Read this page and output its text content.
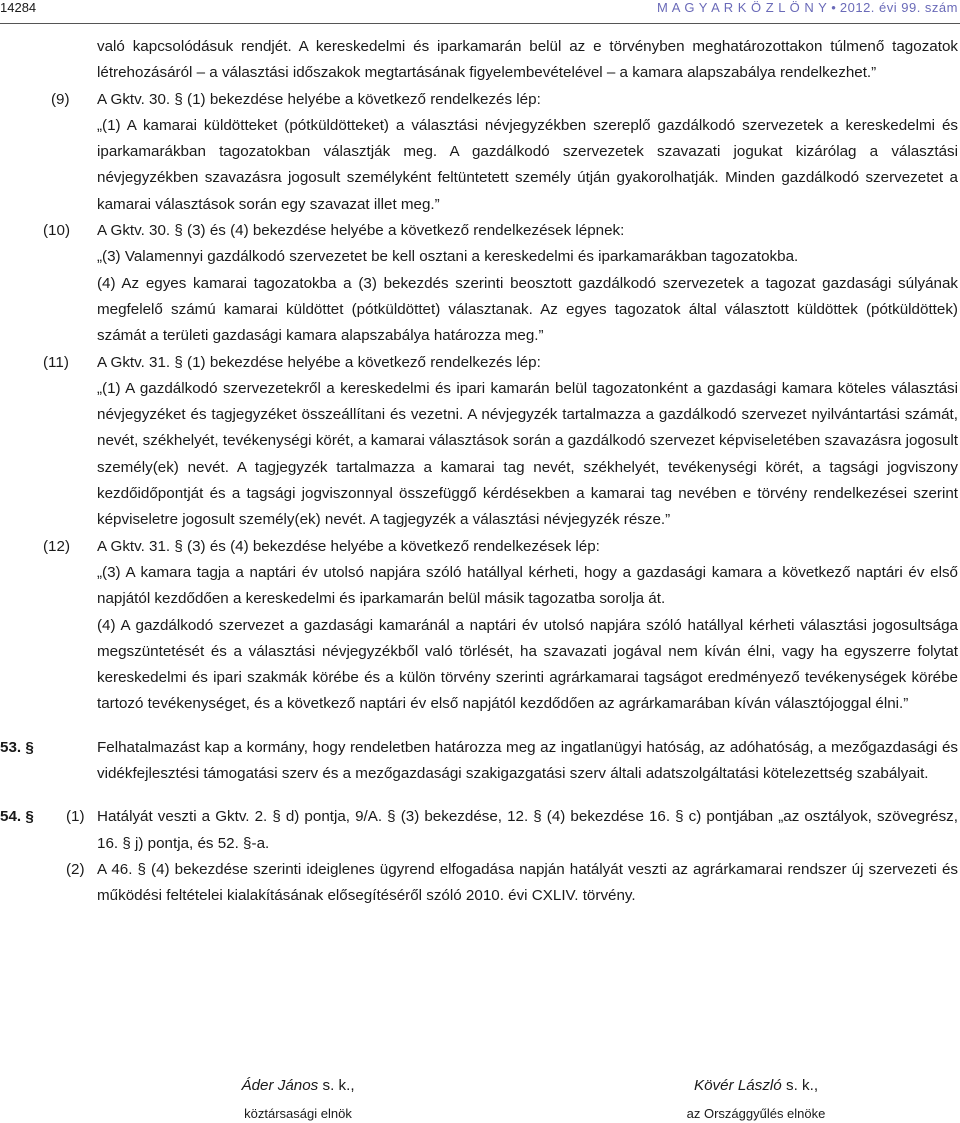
14284	M A G Y A R K Ö Z L Ö N Y • 2012. évi 99. szám

való kapcsolódásuk rendjét. A kereskedelmi és iparkamarán belül az e törvényben meghatározottakon túlmenő tagozatok létrehozásáról – a választási időszakok megtartásának figyelembevételével – a kamara alapszabálya rendelkezhet.”

(9) A Gktv. 30. § (1) bekezdése helyébe a következő rendelkezés lép:

„(1) A kamarai küldötteket (pótküldötteket) a választási névjegyzékben szereplő gazdálkodó szervezetek a kereskedelmi és iparkamarákban tagozatokban választják meg. A gazdálkodó szervezetek szavazati jogukat kizárólag a választási névjegyzékben szavazásra jogosult személyként feltüntetett személy útján gyakorolhatják. Minden gazdálkodó szervezetet a kamarai választások során egy szavazat illet meg.”

(10) A Gktv. 30. § (3) és (4) bekezdése helyébe a következő rendelkezések lépnek:

„(3) Valamennyi gazdálkodó szervezetet be kell osztani a kereskedelmi és iparkamarákban tagozatokba.

(4) Az egyes kamarai tagozatokba a (3) bekezdés szerinti beosztott gazdálkodó szervezetek a tagozat gazdasági súlyának megfelelő számú kamarai küldöttet (pótküldöttet) választanak. Az egyes tagozatok által választott küldöttek (pótküldöttek) számát a területi gazdasági kamara alapszabálya határozza meg.”

(11) A Gktv. 31. § (1) bekezdése helyébe a következő rendelkezés lép:

„(1) A gazdálkodó szervezetekről a kereskedelmi és ipari kamarán belül tagozatonként a gazdasági kamara köteles választási névjegyzéket és tagjegyzéket összeállítani és vezetni. A névjegyzék tartalmazza a gazdálkodó szervezet nyilvántartási számát, nevét, székhelyét, tevékenységi körét, a kamarai választások során a gazdálkodó szervezet képviseletében szavazásra jogosult személy(ek) nevét. A tagjegyzék tartalmazza a kamarai tag nevét, székhelyét, tevékenységi körét, a tagsági jogviszony kezdőidőpontját és a tagsági jogviszonnyal összefüggő kérdésekben a kamarai tag nevében e törvény rendelkezései szerint képviseletre jogosult személy(ek) nevét. A tagjegyzék a választási névjegyzék része.”

(12) A Gktv. 31. § (3) és (4) bekezdése helyébe a következő rendelkezések lép:

„(3) A kamara tagja a naptári év utolsó napjára szóló hatállyal kérheti, hogy a gazdasági kamara a következő naptári év első napjától kezdődően a kereskedelmi és iparkamarán belül másik tagozatba sorolja át.

(4) A gazdálkodó szervezet a gazdasági kamaránál a naptári év utolsó napjára szóló hatállyal kérheti választási jogosultsága megszüntetését és a választási névjegyzékből való törlését, ha szavazati jogával nem kíván élni, vagy ha egyszerre folytat kereskedelmi és ipari szakmák körébe és a külön törvény szerinti agrárkamarai tagságot eredményező tevékenységek körébe tartozó tevékenységet, és a következő naptári év első napjától kezdődően az agrárkamarában kíván választójoggal élni.”

53. §	Felhatalmazást kap a kormány, hogy rendeletben határozza meg az ingatlanügyi hatóság, az adóhatóság, a mezőgazdasági és vidékfejlesztési támogatási szerv és a mezőgazdasági szakigazgatási szerv általi adatszolgáltatási kötelezettség szabályait.

54. § (1) Hatályát veszti a Gktv. 2. § d) pontja, 9/A. § (3) bekezdése, 12. § (4) bekezdése 16. § c) pontjában „az osztályok, szövegrész, 16. § j) pontja, és 52. §-a.

(2) A 46. § (4) bekezdése szerinti ideiglenes ügyrend elfogadása napján hatályát veszti az agrárkamarai rendszer új szervezeti és működési feltételei kialakításának elősegítéséről szóló 2010. évi CXLIV. törvény.

Áder János s. k.,
köztársasági elnök
Kövér László s. k.,
az Országgyűlés elnöke
